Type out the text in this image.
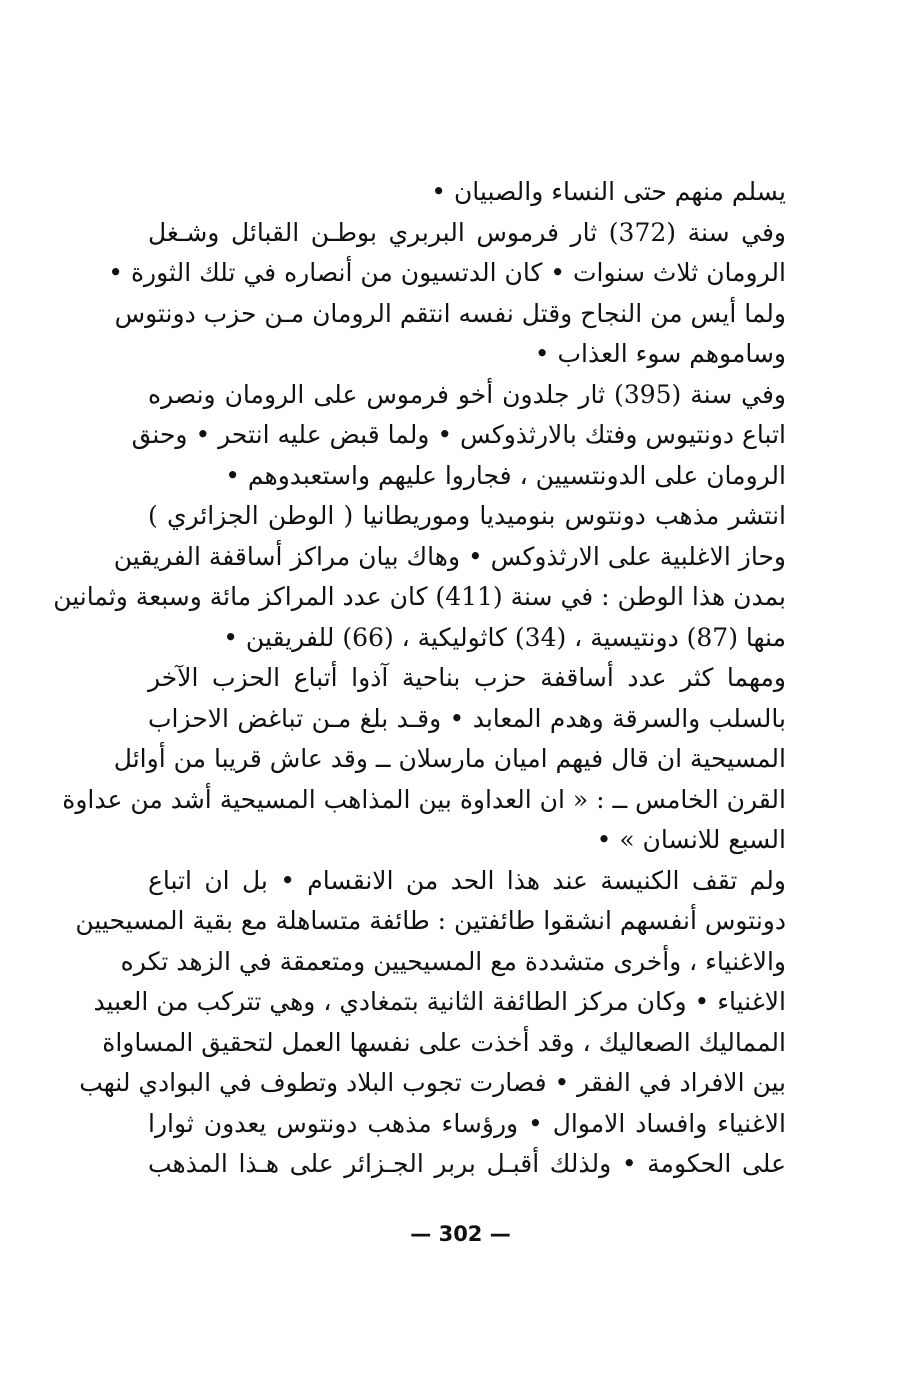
يسلم منهم حتى النساء والصبيان •
وفي سنة (372) ثار فرموس البربري بوطـن القبائل وشـغل
الرومان ثلاث سنوات • كان الدتسيون من أنصاره في تلك الثورة •
ولما أيس من النجاح وقتل نفسه انتقم الرومان مـن حزب دونتوس
وساموهم سوء العذاب •
وفي سنة (395) ثار جلدون أخو فرموس على الرومان ونصره
اتباع دونتيوس وفتك بالارثذوكس • ولما قبض عليه انتحر • وحنق
الرومان على الدونتسيين ، فجاروا عليهم واستعبدوهم •
انتشر مذهب دونتوس بنوميديا وموريطانيا ( الوطن الجزائري )
وحاز الاغلبية على الارثذوكس • وهاك بيان مراكز أساقفة الفريقين
بمدن هذا الوطن : في سنة (411) كان عدد المراكز مائة وسبعة وثمانين
منها (87) دونتيسية ، (34) كاثوليكية ، (66) للفريقين •
ومهما كثر عدد أساقفة حزب بناحية آذوا أتباع الحزب الآخر
بالسلب والسرقة وهدم المعابد • وقـد بلغ مـن تباغض الاحزاب
المسيحية ان قال فيهم اميان مارسلان ــ وقد عاش قريبا من أوائل
القرن الخامس ــ : « ان العداوة بين المذاهب المسيحية أشد من عداوة
السبع للانسان » •
ولم تقف الكنيسة عند هذا الحد من الانقسام • بل ان اتباع
دونتوس أنفسهم انشقوا طائفتين : طائفة متساهلة مع بقية المسيحيين
والاغنياء ، وأخرى متشددة مع المسيحيين ومتعمقة في الزهد تكره
الاغنياء • وكان مركز الطائفة الثانية بتمغادي ، وهي تتركب من العبيد
المماليك الصعاليك ، وقد أخذت على نفسها العمل لتحقيق المساواة
بين الافراد في الفقر • فصارت تجوب البلاد وتطوف في البوادي لنهب
الاغنياء وافساد الاموال • ورؤساء مذهب دونتوس يعدون ثوارا
على الحكومة • ولذلك أقبـل بربر الجـزائر على هـذا المذهب
— 302 —
